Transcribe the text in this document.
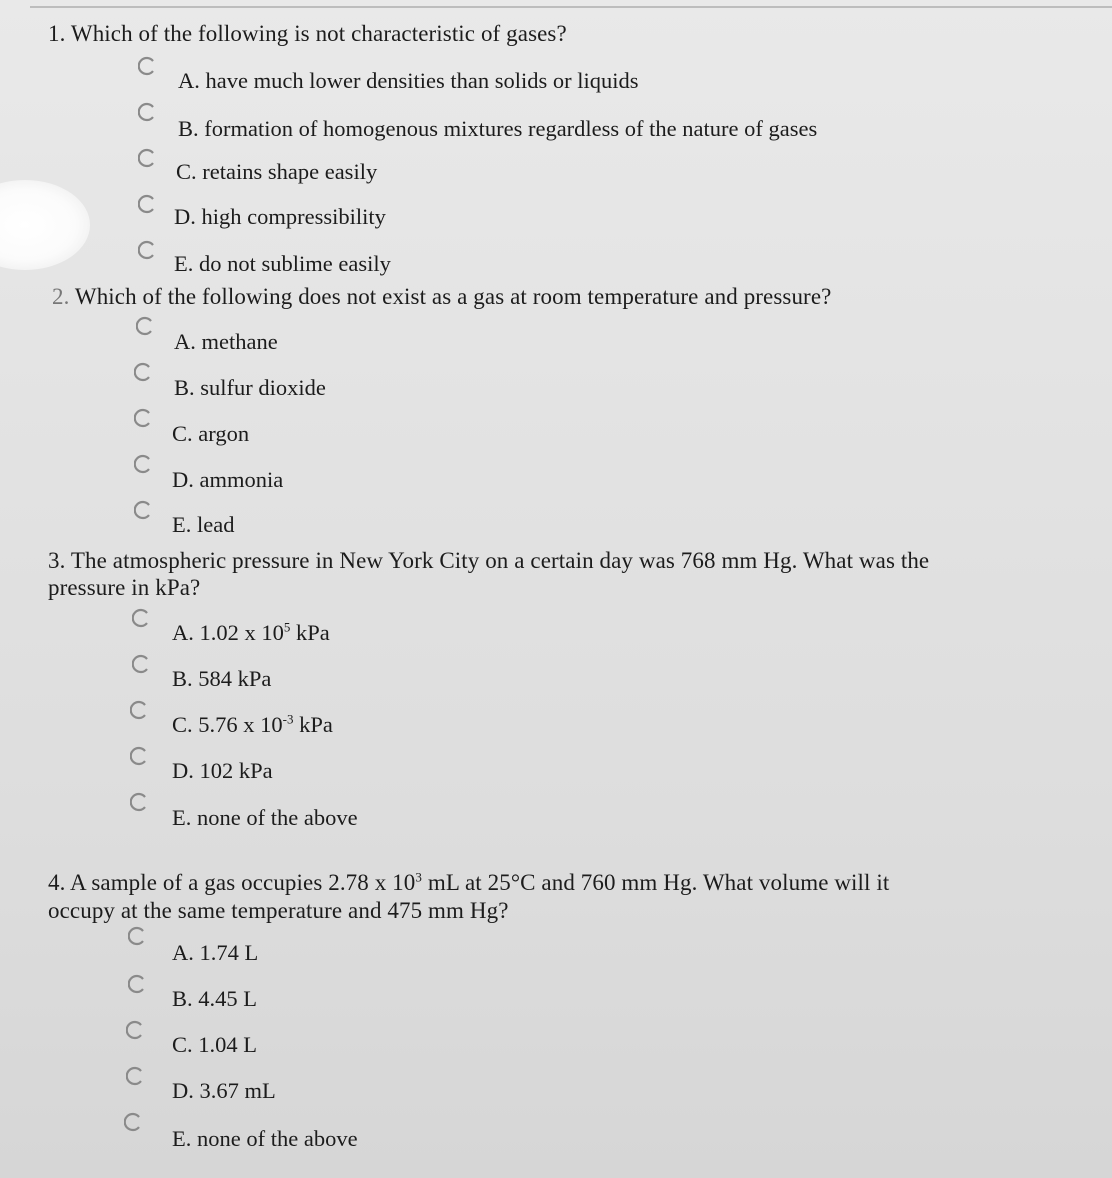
1. Which of the following is not characteristic of gases?
A. have much lower densities than solids or liquids
B. formation of homogenous mixtures regardless of the nature of gases
C. retains shape easily
D. high compressibility
E. do not sublime easily
2. Which of the following does not exist as a gas at room temperature and pressure?
A. methane
B. sulfur dioxide
C. argon
D. ammonia
E. lead
3. The atmospheric pressure in New York City on a certain day was 768 mm Hg. What was the
pressure in kPa?
A. 1.02 x $10^5$ kPa
B. 584 kPa
C. 5.76 x $10^{-3}$ kPa
D. 102 kPa
E. none of the above
4. A sample of a gas occupies 2.78 x $10^3$ mL at 25°C and 760 mm Hg. What volume will it
occupy at the same temperature and 475 mm Hg?
A. 1.74 L
B. 4.45 L
C. 1.04 L
D. 3.67 mL
E. none of the above
